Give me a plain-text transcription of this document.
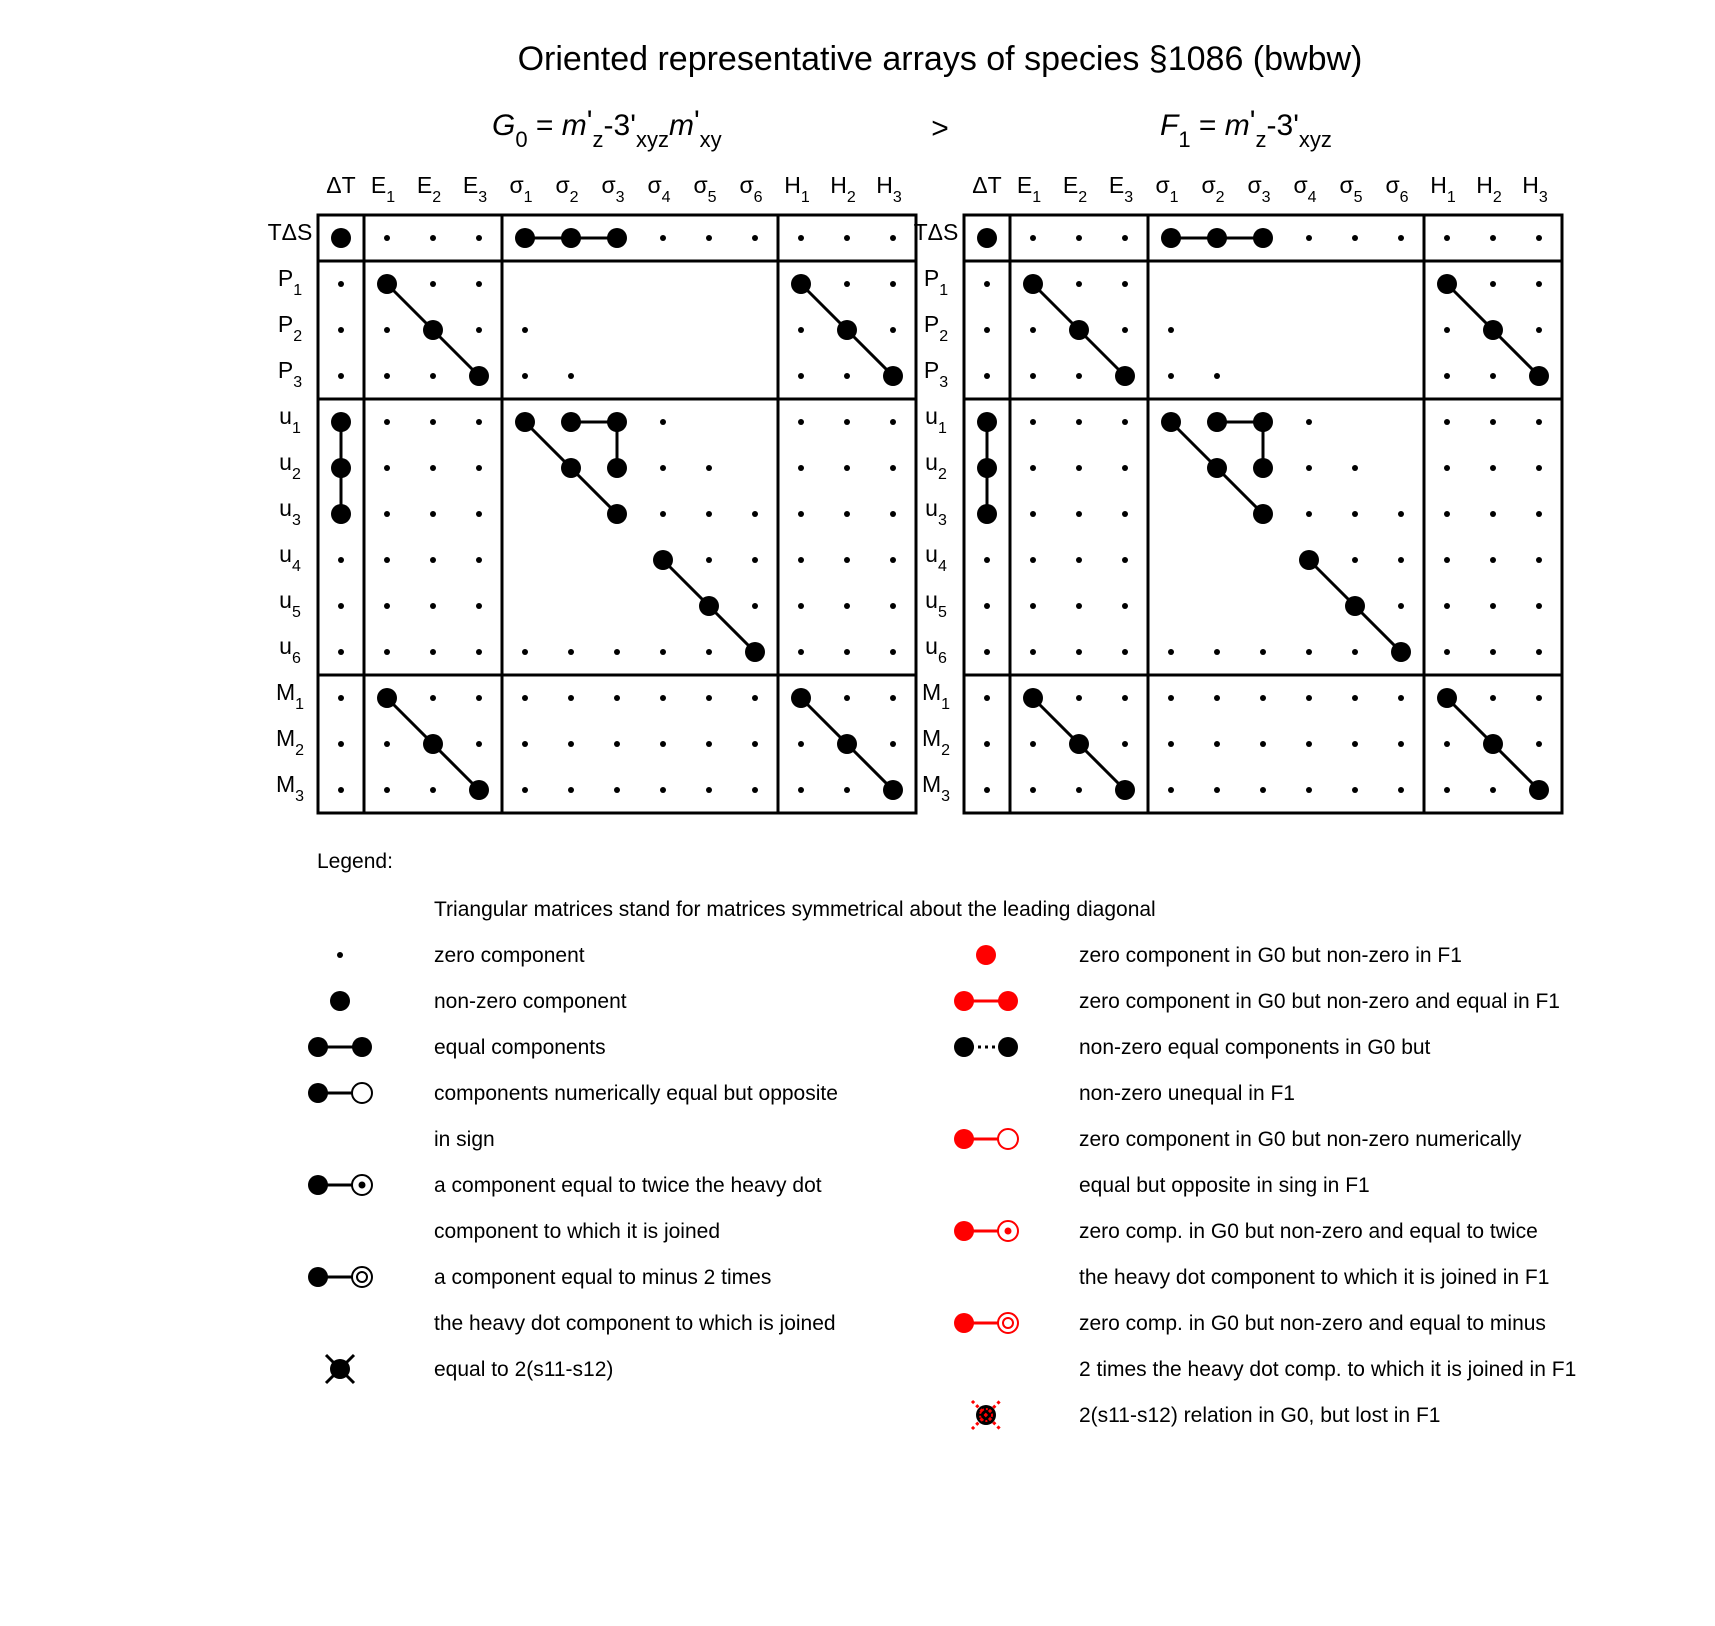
Oriented representative arrays of species §1086 (bwbw)
$G_0 = m'_z-3'_{xyz}m'_{xy}$	>	$F_1 = m'_z-3'_{xyz}$
ΔT $E_1$ $E_2$ $E_3$ $\sigma_1$ $\sigma_2$ $\sigma_3$ $\sigma_4$ $\sigma_5$ $\sigma_6$ $H_1$ $H_2$ $H_3$
TΔS
$P_1$
$P_2$
$P_3$
$u_1$
$u_2$
$u_3$
$u_4$
$u_5$
$u_6$
$M_1$
$M_2$
$M_3$
ΔT $E_1$ $E_2$ $E_3$ $\sigma_1$ $\sigma_2$ $\sigma_3$ $\sigma_4$ $\sigma_5$ $\sigma_6$ $H_1$ $H_2$ $H_3$
TΔS
$P_1$
$P_2$
$P_3$
$u_1$
$u_2$
$u_3$
$u_4$
$u_5$
$u_6$
$M_1$
$M_2$
$M_3$
Legend:
Triangular matrices stand for matrices symmetrical about the leading diagonal
zero component
non-zero component
equal components
components numerically equal but opposite
in sign
a component equal to twice the heavy dot
component to which it is joined
a component equal to minus 2 times
the heavy dot component to which is joined
equal to 2(s11-s12)
zero component in G0 but non-zero in F1
zero component in G0 but non-zero and equal in F1
non-zero equal components in G0 but
non-zero unequal in F1
zero component in G0 but non-zero numerically
equal but opposite in sing in F1
zero comp. in G0 but non-zero and equal to twice
the heavy dot component to which it is joined in F1
zero comp. in G0 but non-zero and equal to minus
2 times the heavy dot comp. to which it is joined in F1
2(s11-s12) relation in G0, but lost in F1
